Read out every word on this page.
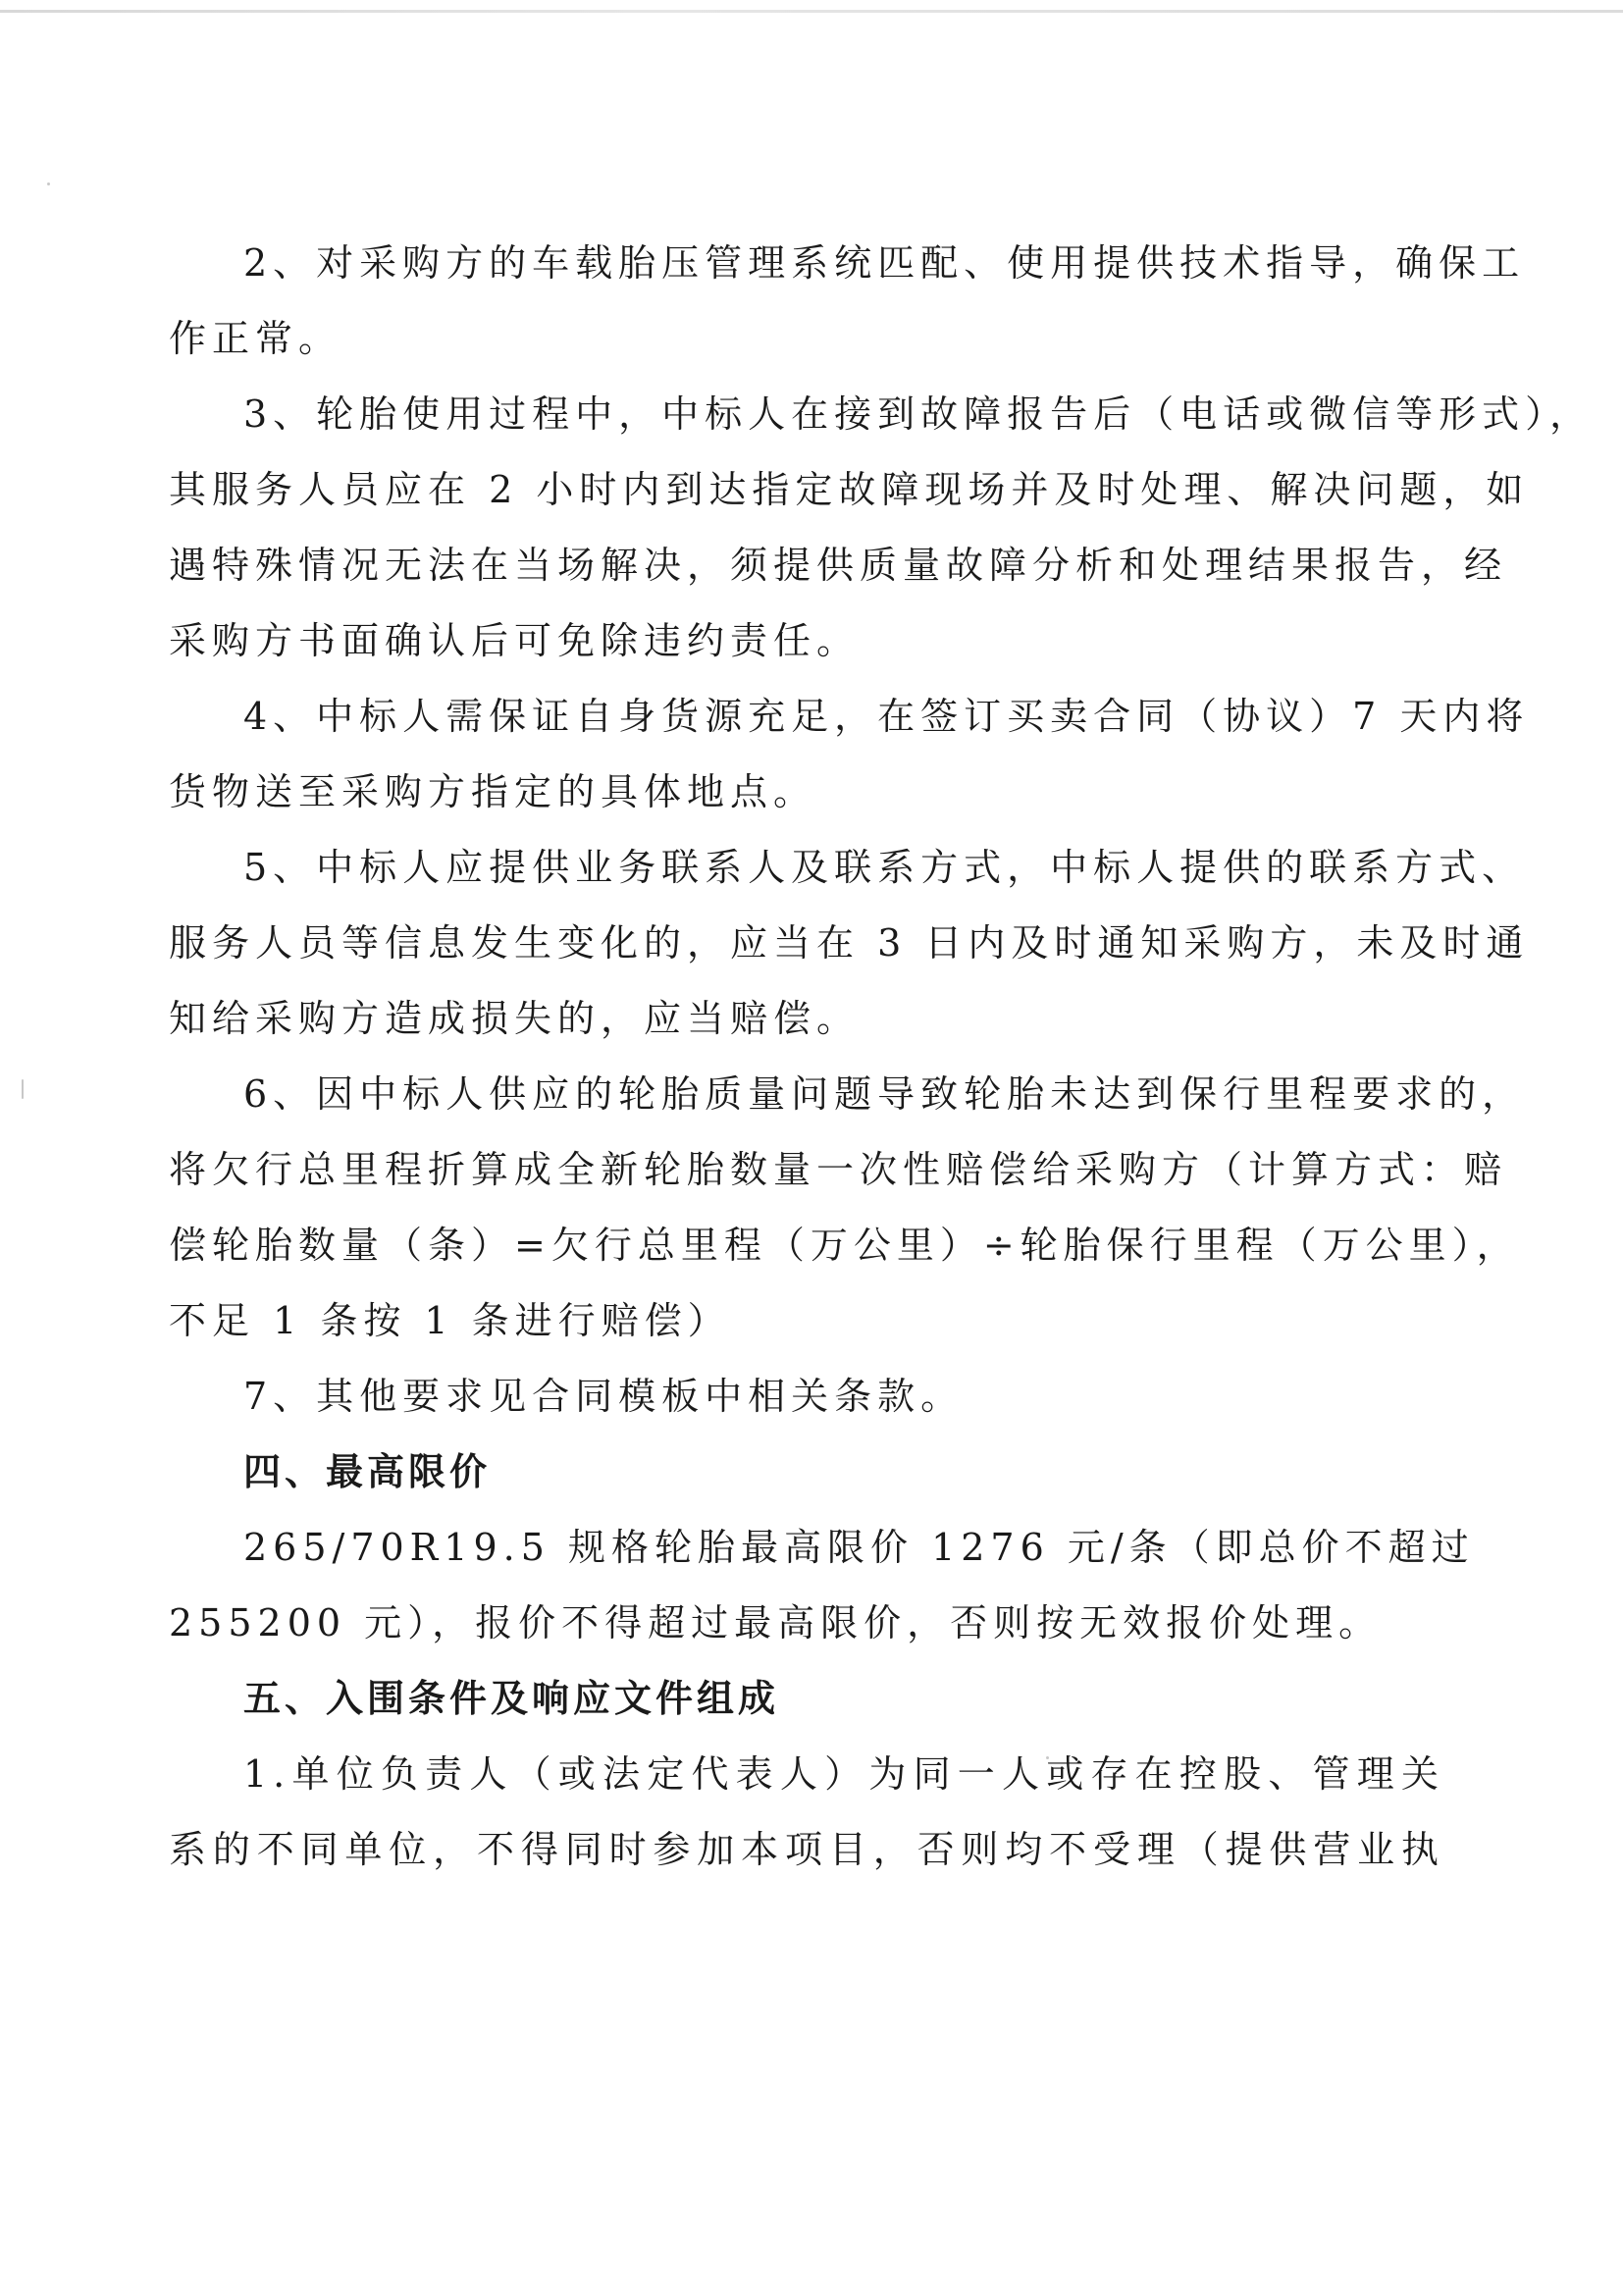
2、对采购方的车载胎压管理系统匹配、使用提供技术指导，确保工
作正常。
3、轮胎使用过程中，中标人在接到故障报告后（电话或微信等形式），
其服务人员应在 2 小时内到达指定故障现场并及时处理、解决问题，如
遇特殊情况无法在当场解决，须提供质量故障分析和处理结果报告，经
采购方书面确认后可免除违约责任。
4、中标人需保证自身货源充足，在签订买卖合同（协议）7 天内将
货物送至采购方指定的具体地点。
5、中标人应提供业务联系人及联系方式，中标人提供的联系方式、
服务人员等信息发生变化的，应当在 3 日内及时通知采购方，未及时通
知给采购方造成损失的，应当赔偿。
6、因中标人供应的轮胎质量问题导致轮胎未达到保行里程要求的，
将欠行总里程折算成全新轮胎数量一次性赔偿给采购方（计算方式：赔
偿轮胎数量（条）=欠行总里程（万公里）÷轮胎保行里程（万公里），
不足 1 条按 1 条进行赔偿）
7、其他要求见合同模板中相关条款。
四、最高限价
265/70R19.5 规格轮胎最高限价 1276 元/条（即总价不超过
255200 元），报价不得超过最高限价，否则按无效报价处理。
五、入围条件及响应文件组成
1.单位负责人（或法定代表人）为同一人或存在控股、管理关
系的不同单位，不得同时参加本项目，否则均不受理（提供营业执
